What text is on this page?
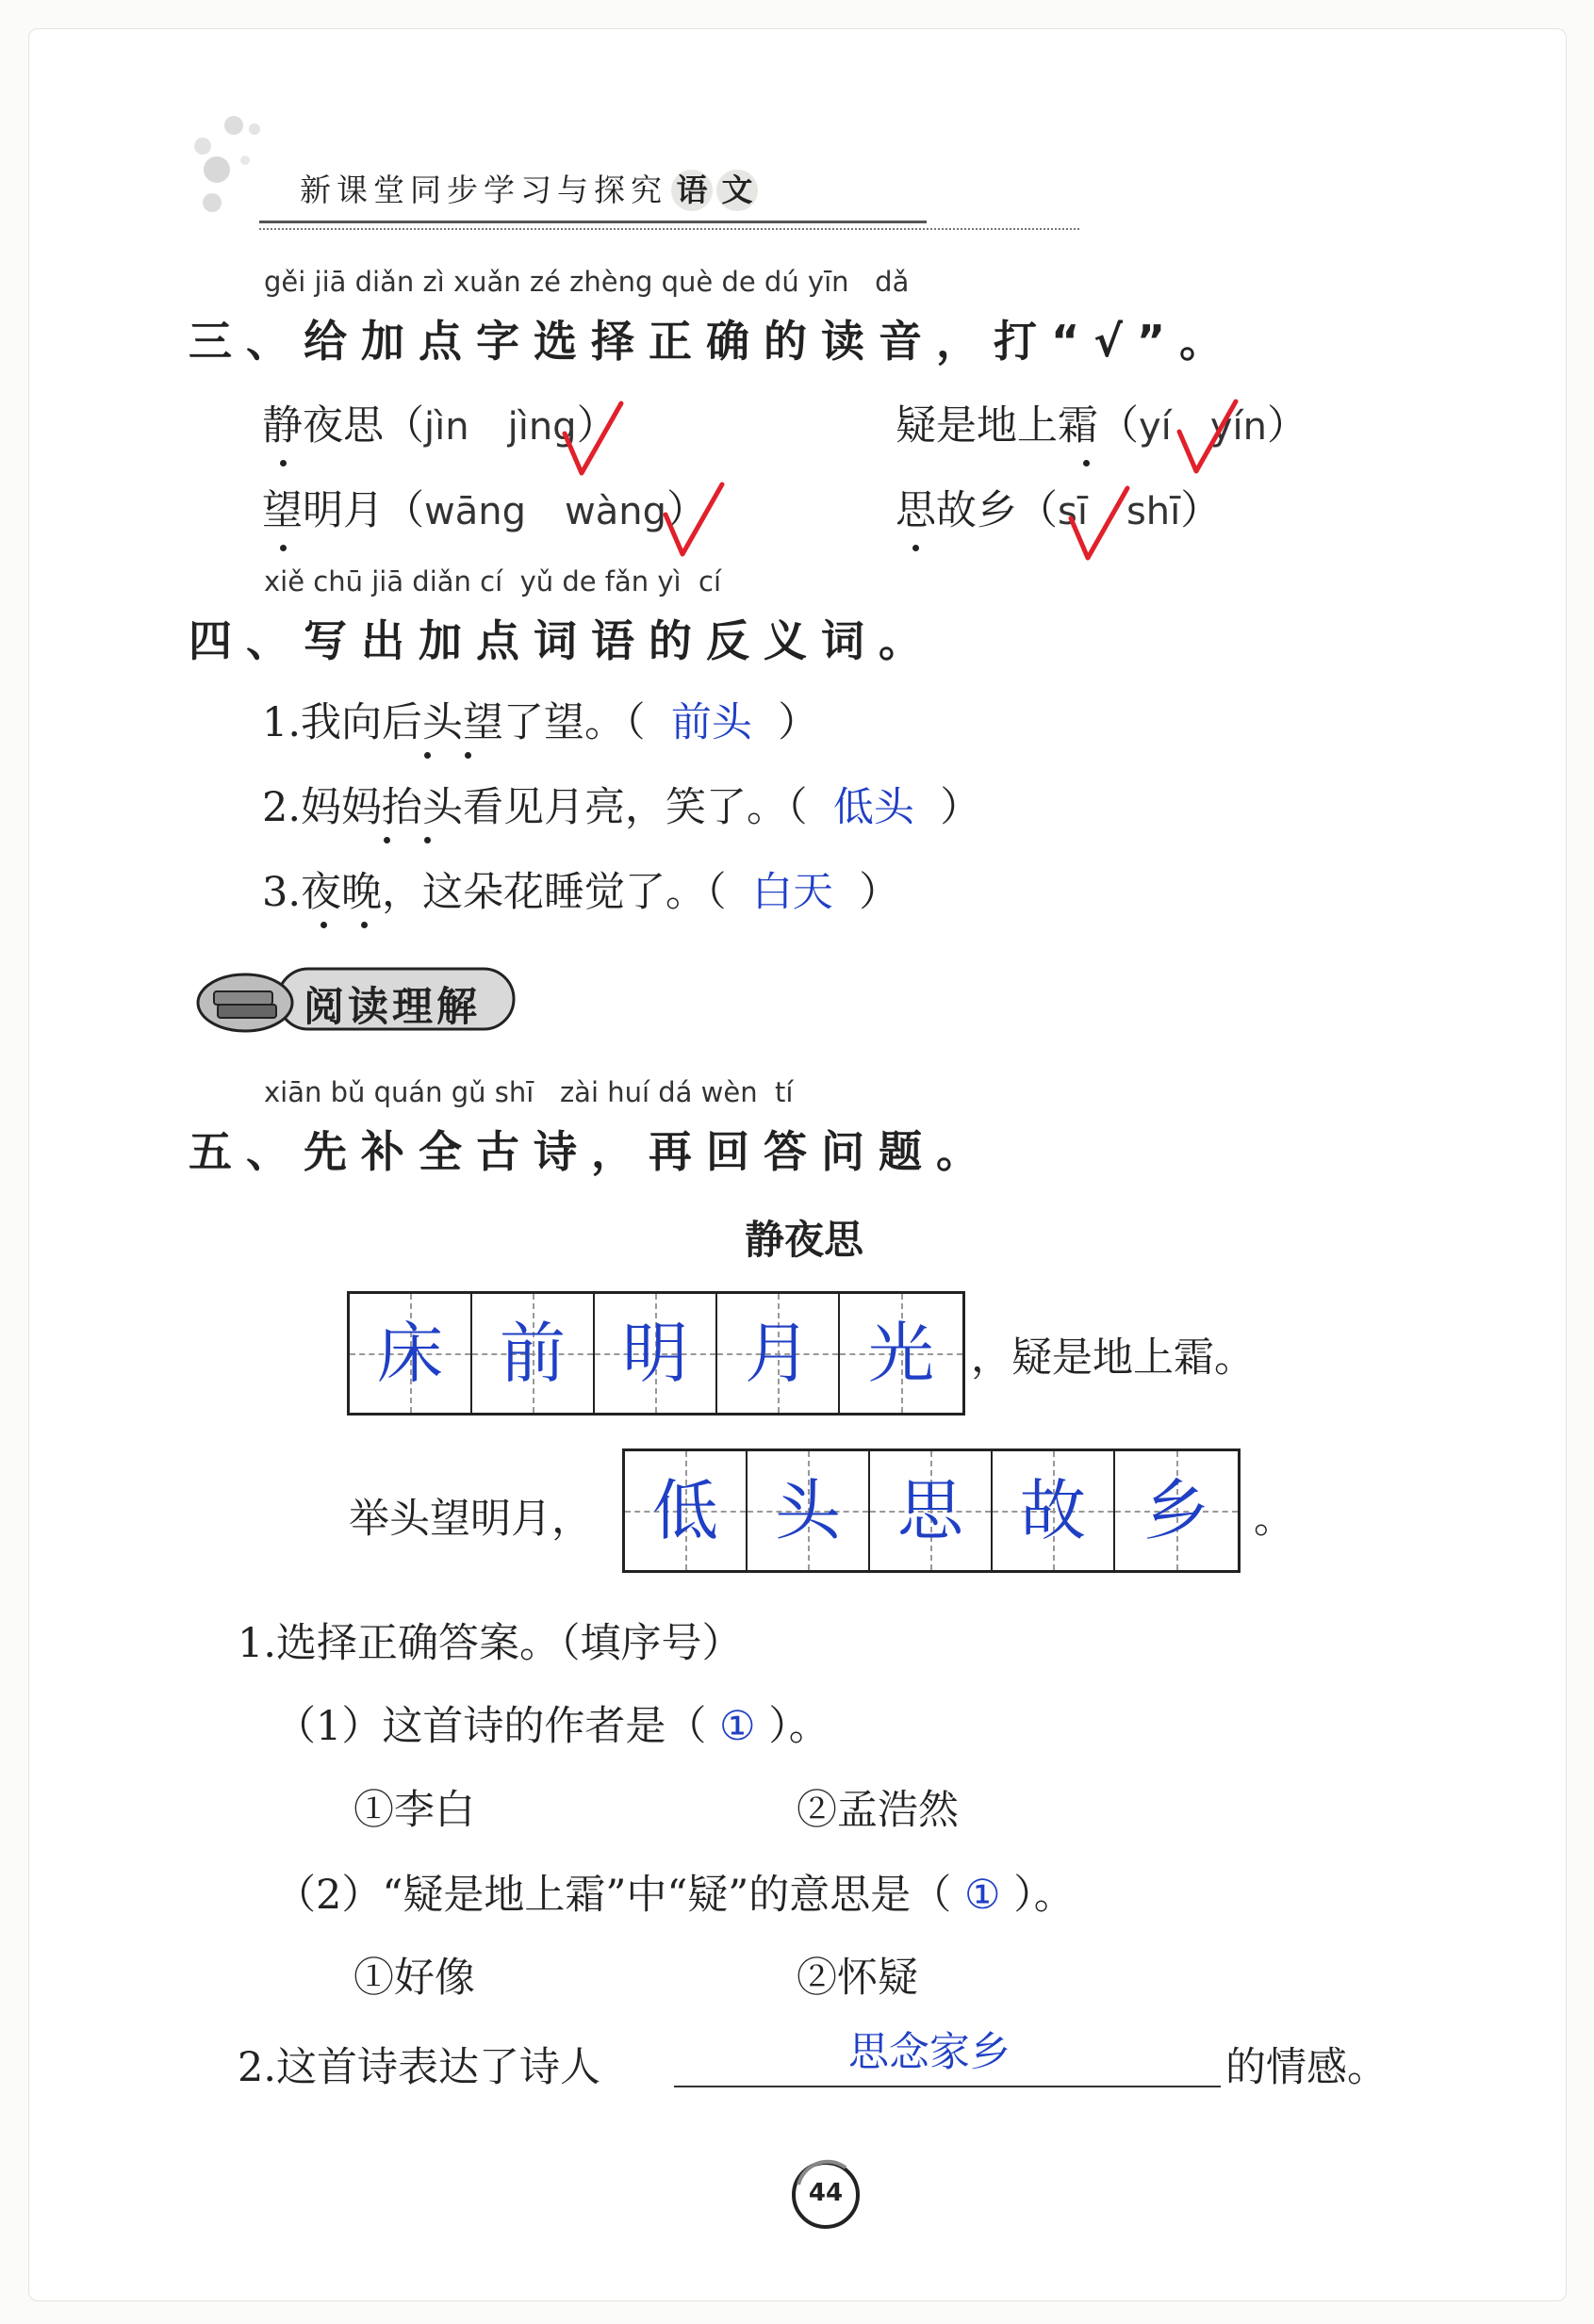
新课堂同步学习与探究 语 文
gěi jiā diǎn zì xuǎn zé zhèng què de dú yīn   dǎ
三、给加点字选择正确的读音，打“√”。
静夜思（jìn jìng）	疑是地上霜（yí yín）
望明月（wāng wàng）	思故乡（sī shī）
xiě chū jiā diǎn cí  yǔ de fǎn yì  cí
四、写出加点词语的反义词。
1.我向后头望了望。（ 前头 ）
2.妈妈抬头看见月亮，笑了。（ 低头 ）
3.夜晚，这朵花睡觉了。（ 白天 ）
阅读理解
xiān bǔ quán gǔ shī   zài huí dá wèn  tí
五、先补全古诗，再回答问题。
静夜思
床 前 明 月 光 ，疑是地上霜。
举头望明月， 低 头 思 故 乡	。
1.选择正确答案。（填序号）
（1）这首诗的作者是（ ① ）。
①李白	②孟浩然
（2）“疑是地上霜”中“疑”的意思是（ ① ）。
①好像	②怀疑
2.这首诗表达了诗人	思念家乡	的情感。
44
